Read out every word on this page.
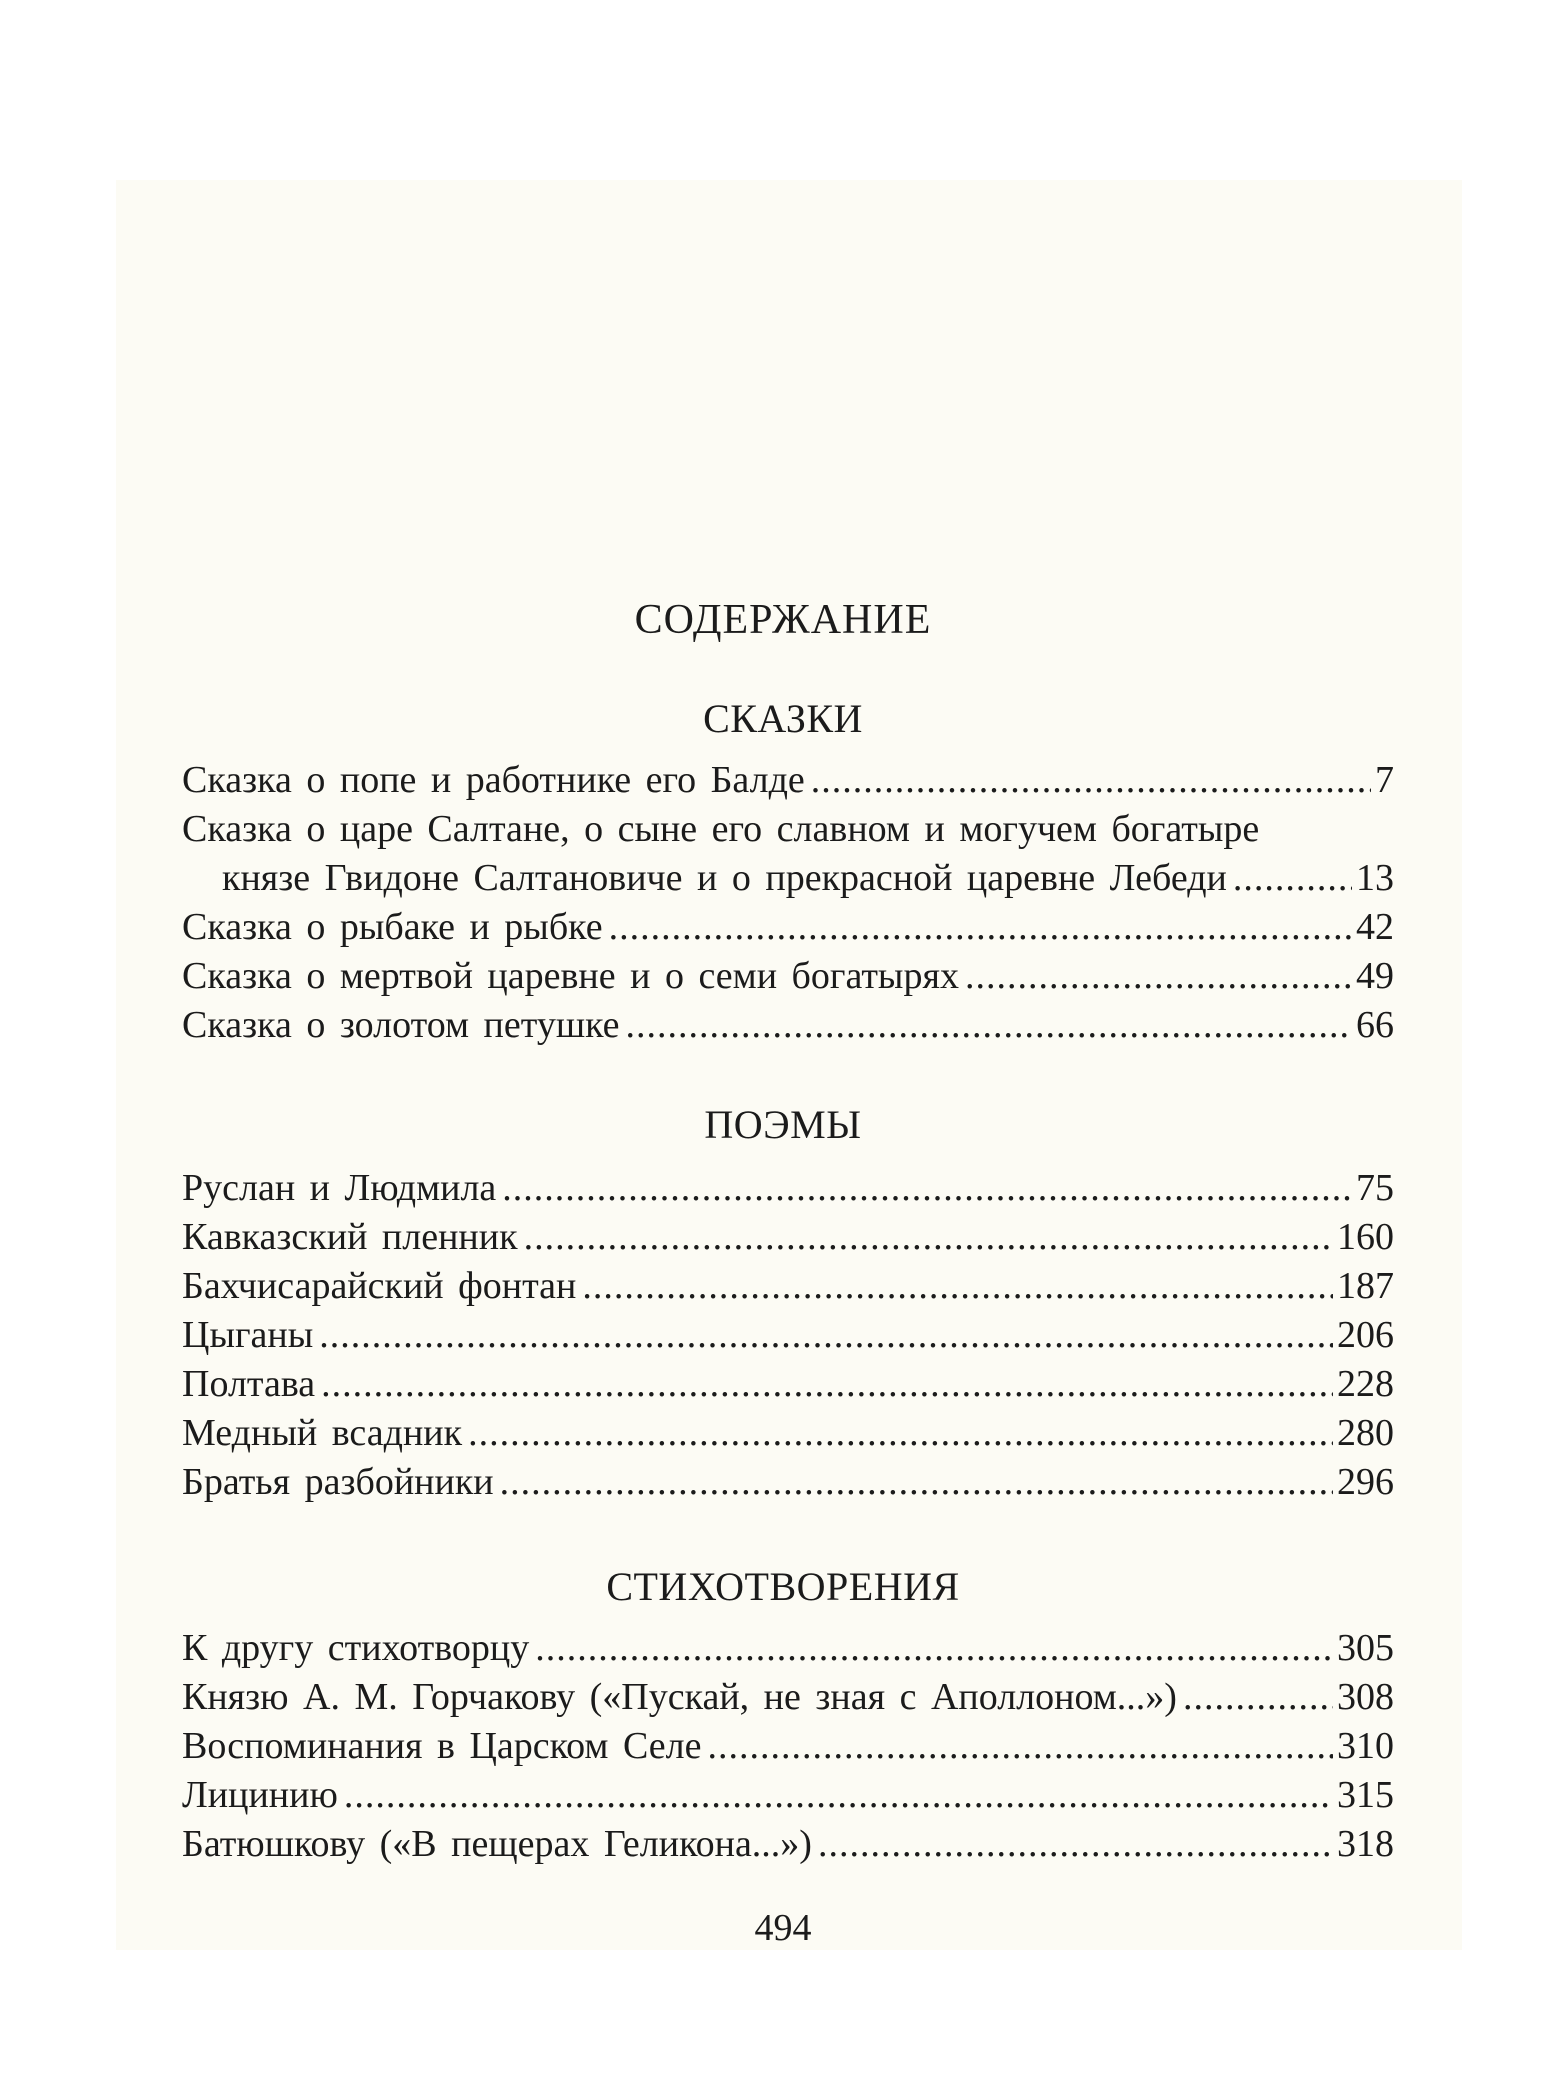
СОДЕРЖАНИЕ
СКАЗКИ
Сказка о попе и работнике его Балде .....	7
Сказка о царе Салтане, о сыне его славном и могучем богатыре
князе Гвидоне Салтановиче и о прекрасной царевне Лебеди .....	13
Сказка о рыбаке и рыбке .....	42
Сказка о мертвой царевне и о семи богатырях .....	49
Сказка о золотом петушке .....	66
ПОЭМЫ
Руслан и Людмила .....	75
Кавказский пленник .....	160
Бахчисарайский фонтан .....	187
Цыганы .....	206
Полтава .....	228
Медный всадник .....	280
Братья разбойники .....	296
СТИХОТВОРЕНИЯ
К другу стихотворцу .....	305
Князю А. М. Горчакову («Пускай, не зная с Аполлоном...») .....	308
Воспоминания в Царском Селе .....	310
Лицинию .....	315
Батюшкову («В пещерах Геликона...») .....	318
494
